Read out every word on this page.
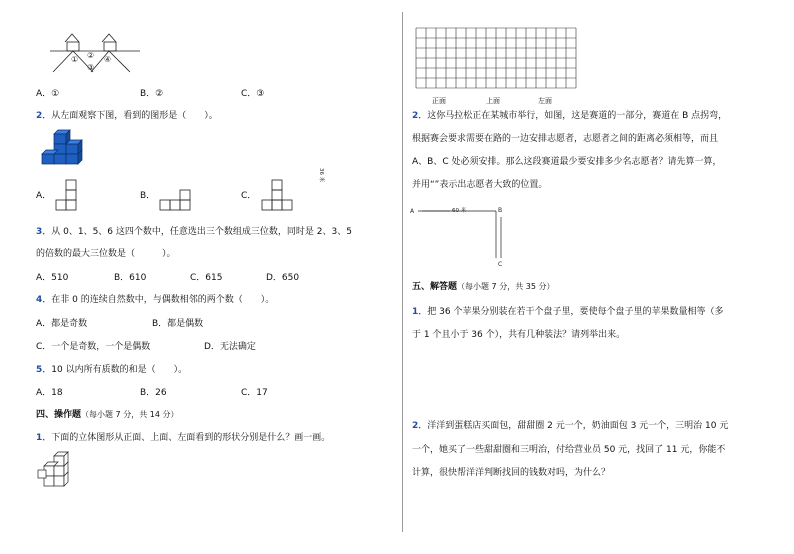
① ②
③
④
A．①	B．②	C．③
2．从左面观察下图，看到的图形是（　　）。
A．	B．	C．
3．从 0、1、5、6 这四个数中，任意选出三个数组成三位数，同时是 2、3、5
的倍数的最大三位数是（　　　）。
A．510	B．610	C．615	D．650
4．在非 0 的连续自然数中，与偶数相邻的两个数（　　）。
A．都是奇数	B．都是偶数
C．一个是奇数，一个是偶数	D．无法确定
5．10 以内所有质数的和是（　　）。
A．18	B．26	C．17
四、操作题（每小题 7 分，共 14 分）
1．下面的立体图形从正面、上面、左面看到的形状分别是什么？画一画。
正面	上面	左面
2．这你马拉松正在某城市举行，如图，这是赛道的一部分，赛道在 B 点拐弯，
根据赛会要求需要在路的一边安排志愿者，志愿者之间的距离必须相等，而且
A、B、C 处必须安排。那么这段赛道最少要安排多少名志愿者？请先算一算，
并用“”表示出志愿者大致的位置。
A	B
C
60 米
36 米
五、解答题（每小题 7 分，共 35 分）
1．把 36 个苹果分别装在若干个盘子里，要使每个盘子里的苹果数量相等（多
于 1 个且小于 36 个），共有几种装法？请列举出来。
2．洋洋到蛋糕店买面包，甜甜圈 2 元一个，奶油面包 3 元一个，三明治 10 元
一个，她买了一些甜甜圈和三明治，付给营业员 50 元，找回了 11 元，你能不
计算，很快帮洋洋判断找回的钱数对吗，为什么？
